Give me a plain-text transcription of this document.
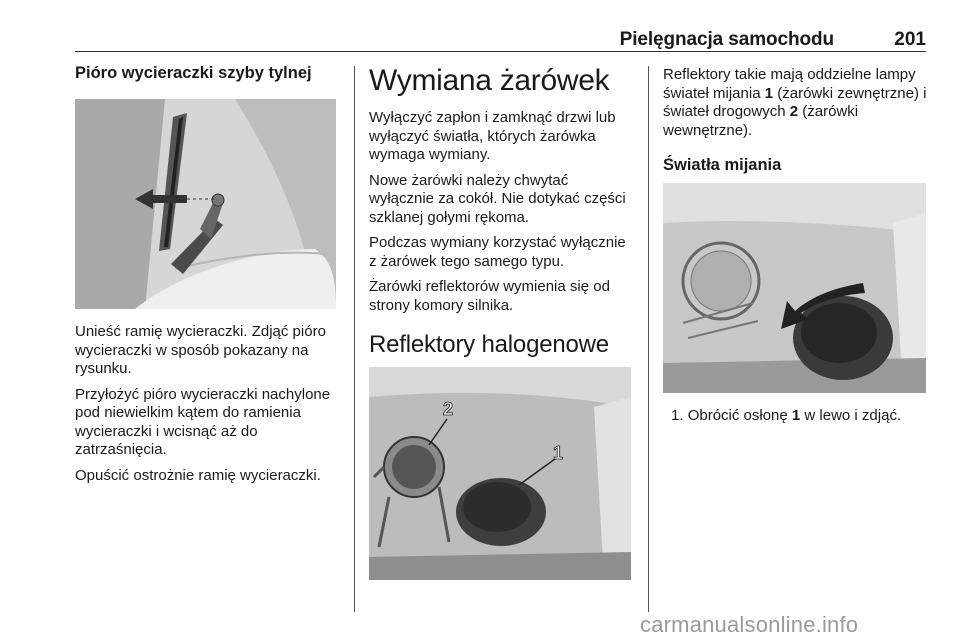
Pielęgnacja samochodu	201
Pióro wycieraczki szyby tylnej

Unieść ramię wycieraczki. Zdjąć pióro wycieraczki w sposób pokazany na rysunku.

Przyłożyć pióro wycieraczki nachylone pod niewielkim kątem do ramienia wycieraczki i wcisnąć aż do zatrzaśnięcia.

Opuścić ostrożnie ramię wycieraczki.

Wymiana żarówek

Wyłączyć zapłon i zamknąć drzwi lub wyłączyć światła, których żarówka wymaga wymiany.

Nowe żarówki należy chwytać wyłącznie za cokół. Nie dotykać części szklanej gołymi rękoma.

Podczas wymiany korzystać wyłącznie z żarówek tego samego typu.

Żarówki reflektorów wymienia się od strony komory silnika.

Reflektory halogenowe
2
1

Reflektory takie mają oddzielne lampy świateł mijania 1 (żarówki zewnętrzne) i świateł drogowych 2 (żarówki wewnętrzne).

Światła mijania
1. Obrócić osłonę 1 w lewo i zdjąć.
carmanualsonline.info
